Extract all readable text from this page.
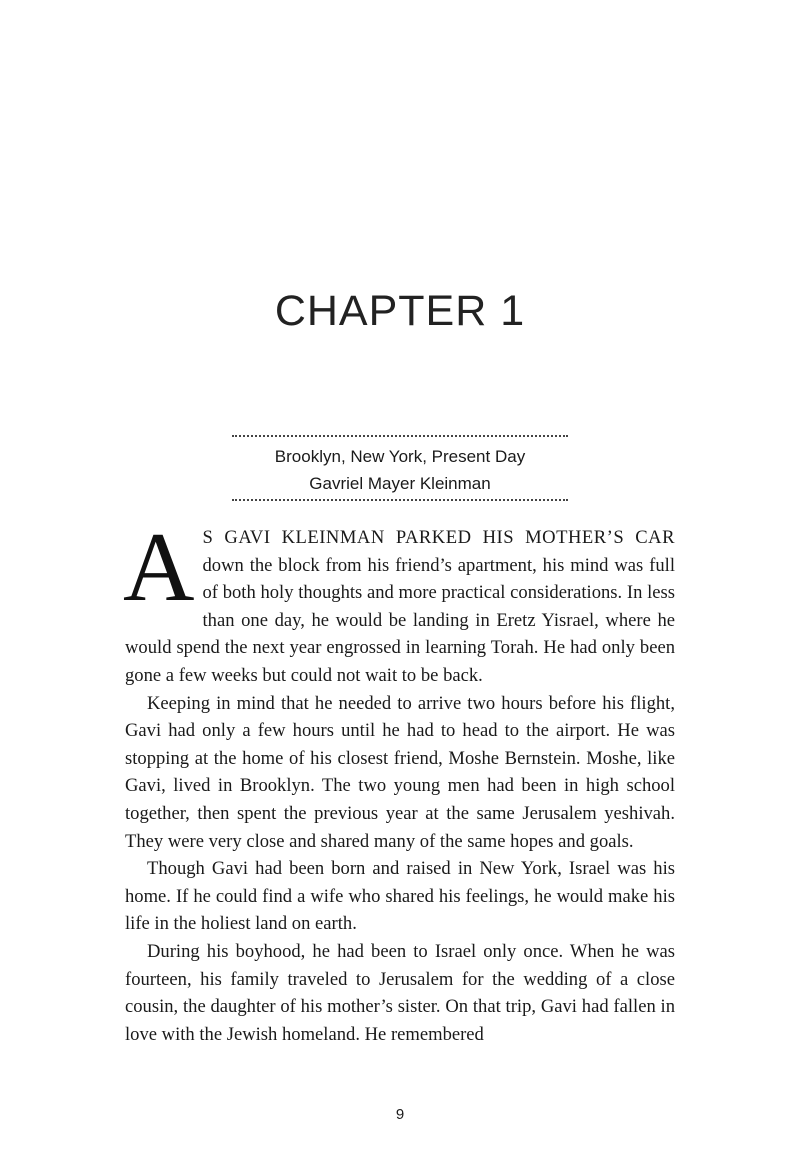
CHAPTER 1
Brooklyn, New York, Present Day
Gavriel Mayer Kleinman

A S GAVI KLEINMAN PARKED HIS MOTHER’S CAR down the block from his friend’s apartment, his mind was full of both holy thoughts and more practical considerations. In less than one day, he would be landing in Eretz Yisrael, where he would spend the next year engrossed in learning Torah. He had only been gone a few weeks but could not wait to be back.

Keeping in mind that he needed to arrive two hours before his flight, Gavi had only a few hours until he had to head to the airport. He was stopping at the home of his closest friend, Moshe Bernstein. Moshe, like Gavi, lived in Brooklyn. The two young men had been in high school together, then spent the previous year at the same Jerusalem yeshivah. They were very close and shared many of the same hopes and goals.

Though Gavi had been born and raised in New York, Israel was his home. If he could find a wife who shared his feelings, he would make his life in the holiest land on earth.

During his boyhood, he had been to Israel only once. When he was fourteen, his family traveled to Jerusalem for the wedding of a close cousin, the daughter of his mother’s sister. On that trip, Gavi had fallen in love with the Jewish homeland. He remembered

9
